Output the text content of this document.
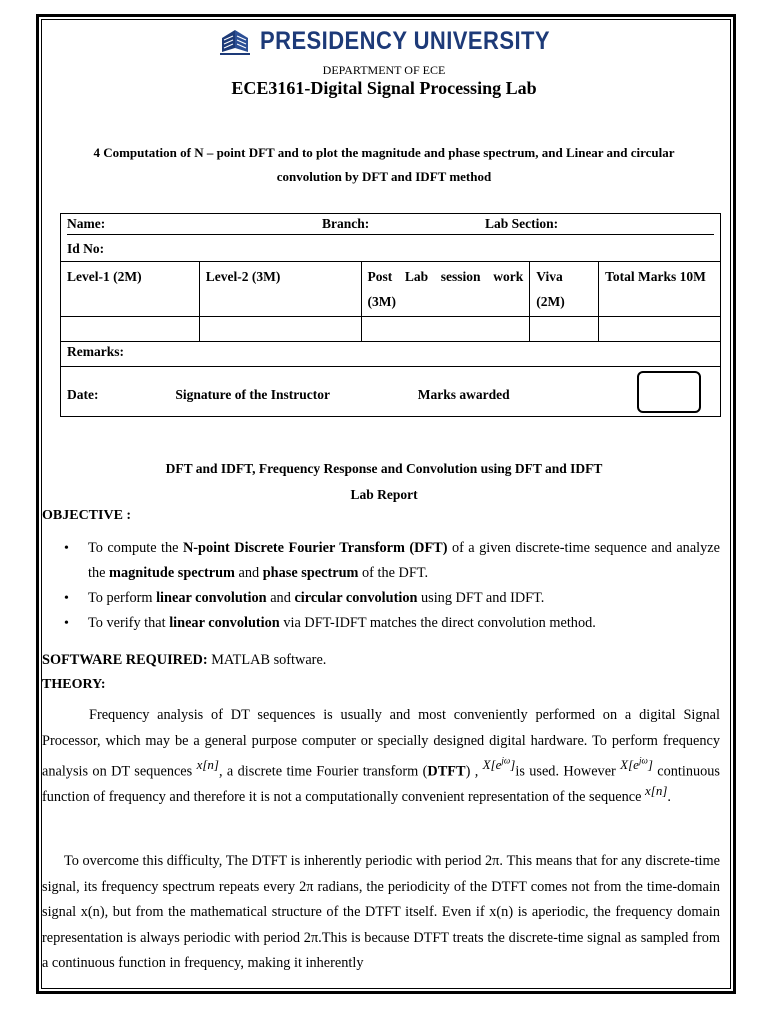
PRESIDENCY UNIVERSITY
DEPARTMENT OF ECE
ECE3161-Digital Signal Processing Lab
4 Computation of N – point DFT and to plot the magnitude and phase spectrum, and Linear and circular
convolution by DFT and IDFT method
Name: Branch: Lab Section:
Id No:				

Level-1 (2M)	Level-2 (3M)	Post Lab session work (3M)	Viva (2M)	Total Marks 10M

Remarks:				
Date: Signature of the Instructor Marks awarded				
DFT and IDFT, Frequency Response and Convolution using DFT and IDFT
Lab Report
OBJECTIVE :
• To compute the N-point Discrete Fourier Transform (DFT) of a given discrete-time sequence and analyze the magnitude spectrum and phase spectrum of the DFT.
• To perform linear convolution and circular convolution using DFT and IDFT.
• To verify that linear convolution via DFT-IDFT matches the direct convolution method.
SOFTWARE REQUIRED: MATLAB software.
THEORY:
Frequency analysis of DT sequences is usually and most conveniently performed on a digital Signal Processor, which may be a general purpose computer or specially designed digital hardware. To perform frequency analysis on DT sequences x[n], a discrete time Fourier transform (DTFT) , $X[e^{j\omega}]is$ used. However $X[e^{j\omega}]$ continuous function of frequency and therefore it is not a computationally convenient representation of the sequence x[n].
To overcome this difficulty, The DTFT is inherently periodic with period 2π. This means that for any discrete-time signal, its frequency spectrum repeats every 2π radians, the periodicity of the DTFT comes not from the time-domain signal x(n), but from the mathematical structure of the DTFT itself. Even if x(n) is aperiodic, the frequency domain representation is always periodic with period 2π.This is because DTFT treats the discrete-time signal as sampled from a continuous function in frequency, making it inherently
